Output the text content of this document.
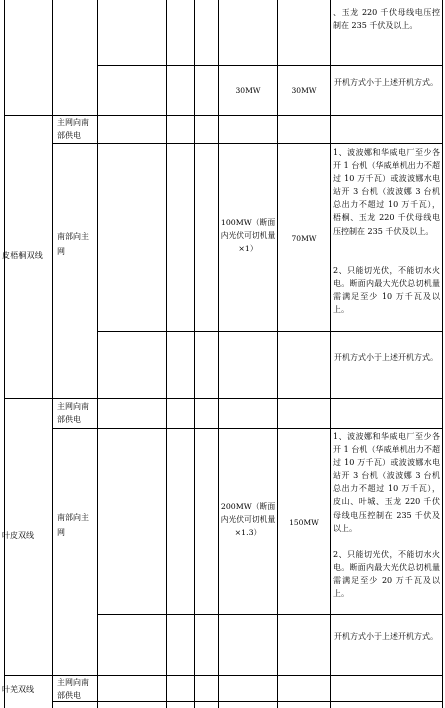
、玉龙 220 千伏母线电压控制在 235 千伏及以上。
30MW	30MW
开机方式小于上述开机方式。
皮梧桐双线
主网向南部供电
南部向主网
100MW（断面内光伏可切机量×1）
70MW
1、波波娜和华威电厂至少各开 1 台机（华威单机出力不超过 10 万千瓦）或波波娜水电站开 3 台机（波波娜 3 台机总出力不超过 10 万千瓦），梧桐、玉龙 220 千伏母线电压控制在 235 千伏及以上。
2、只能切光伏，不能切水火电。断面内最大光伏总切机量需满足至少 10 万千瓦及以上。
开机方式小于上述开机方式。
叶皮双线
主网向南部供电
南部向主网
200MW（断面内光伏可切机量×1.3）
150MW
1、波波娜和华威电厂至少各开 1 台机（华威单机出力不超过 10 万千瓦）或波波娜水电站开 3 台机（波波娜 3 台机总出力不超过 10 万千瓦），皮山、叶城、玉龙 220 千伏母线电压控制在 235 千伏及以上。
2、只能切光伏，不能切水火电。断面内最大光伏总切机量需满足至少 20 万千瓦及以上。
开机方式小于上述开机方式。
叶羌双线
主网向南部供电
